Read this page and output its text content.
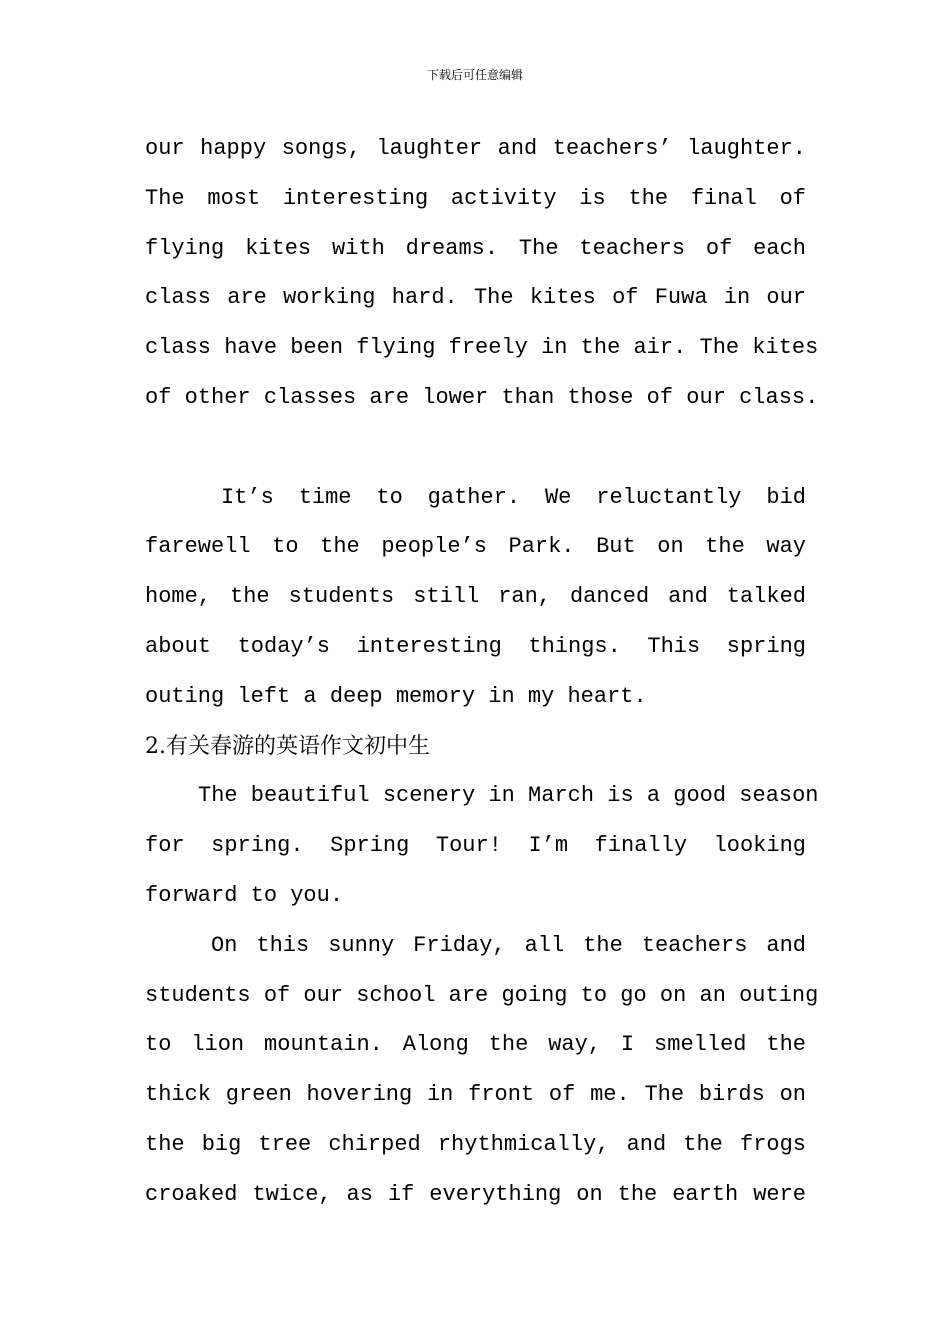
下载后可任意编辑
our happy songs, laughter and teachers’ laughter.
The most interesting activity is the final of
flying kites with dreams. The teachers of each
class are working hard. The kites of Fuwa in our
class have been flying freely in the air. The kites
of other classes are lower than those of our class.
It’s time to gather. We reluctantly bid
farewell to the people’s Park. But on the way
home, the students still ran, danced and talked
about today’s interesting things. This spring
outing left a deep memory in my heart.
2.有关春游的英语作文初中生
The beautiful scenery in March is a good season
for spring. Spring Tour! I’m finally looking
forward to you.
On this sunny Friday, all the teachers and
students of our school are going to go on an outing
to lion mountain. Along the way, I smelled the
thick green hovering in front of me. The birds on
the big tree chirped rhythmically, and the frogs
croaked twice, as if everything on the earth were
